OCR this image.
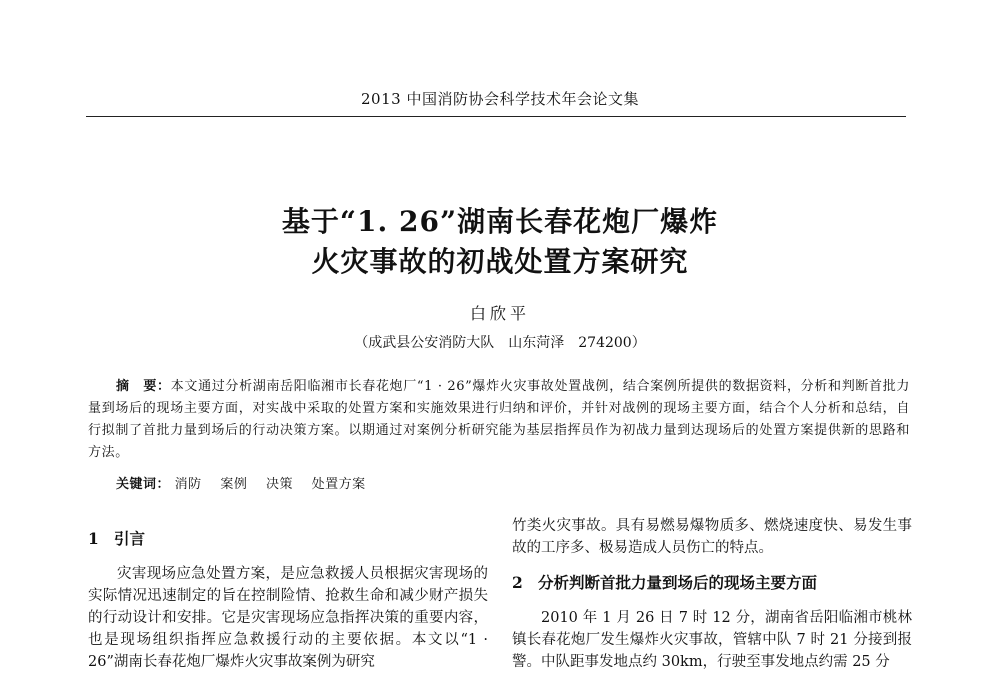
2013 中国消防协会科学技术年会论文集
基于“1. 26”湖南长春花炮厂爆炸
火灾事故的初战处置方案研究
白欣平
（成武县公安消防大队　山东菏泽　274200）
摘　要：本文通过分析湖南岳阳临湘市长春花炮厂“1 · 26”爆炸火灾事故处置战例，结合案例所提供的数据资料，分析和判断首批力量到场后的现场主要方面，对实战中采取的处置方案和实施效果进行归纳和评价，并针对战例的现场主要方面，结合个人分析和总结，自行拟制了首批力量到场后的行动决策方案。以期通过对案例分析研究能为基层指挥员作为初战力量到达现场后的处置方案提供新的思路和方法。
关键词： 消防 案例 决策 处置方案
1 引言

灾害现场应急处置方案，是应急救援人员根据灾害现场的实际情况迅速制定的旨在控制险情、抢救生命和减少财产损失的行动设计和安排。它是灾害现场应急指挥决策的重要内容，也是现场组织指挥应急救援行动的主要依据。本文以“1 · 26”湖南长春花炮厂爆炸火灾事故案例为研究

竹类火灾事故。具有易燃易爆物质多、燃烧速度快、易发生事故的工序多、极易造成人员伤亡的特点。

2 分析判断首批力量到场后的现场主要方面

2010 年 1 月 26 日 7 时 12 分，湖南省岳阳临湘市桃林镇长春花炮厂发生爆炸火灾事故，管辖中队 7 时 21 分接到报警。中队距事发地点约 30km，行驶至事发地点约需 25 分
